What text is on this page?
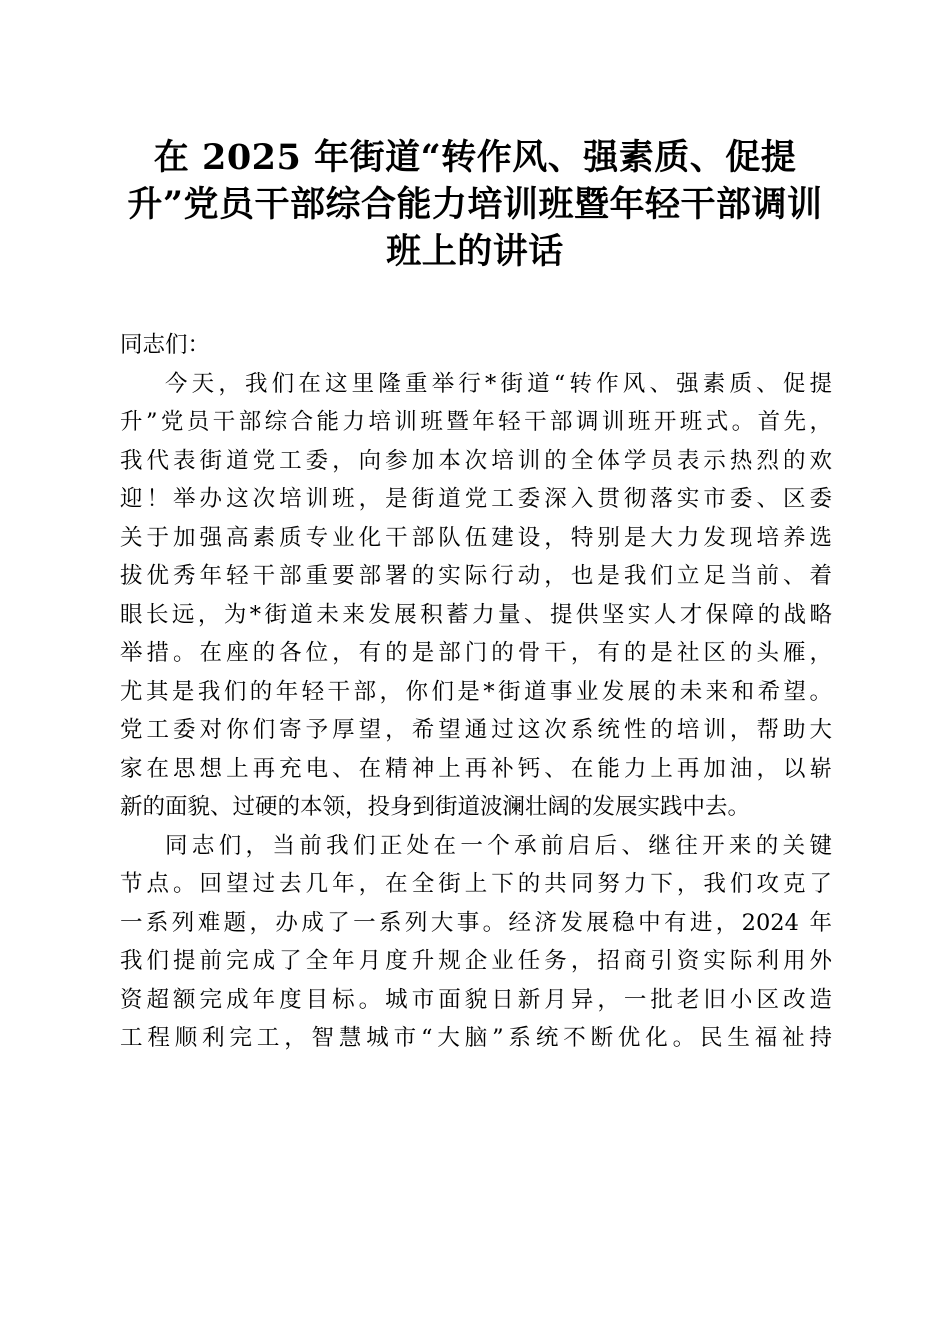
在 2025 年街道“转作风、强素质、促提
升”党员干部综合能力培训班暨年轻干部调训
班上的讲话
同志们：
今天，我们在这里隆重举行*街道“转作风、强素质、促提
升”党员干部综合能力培训班暨年轻干部调训班开班式。首先，
我代表街道党工委，向参加本次培训的全体学员表示热烈的欢
迎！举办这次培训班，是街道党工委深入贯彻落实市委、区委
关于加强高素质专业化干部队伍建设，特别是大力发现培养选
拔优秀年轻干部重要部署的实际行动，也是我们立足当前、着
眼长远，为*街道未来发展积蓄力量、提供坚实人才保障的战略
举措。在座的各位，有的是部门的骨干，有的是社区的头雁，
尤其是我们的年轻干部，你们是*街道事业发展的未来和希望。
党工委对你们寄予厚望，希望通过这次系统性的培训，帮助大
家在思想上再充电、在精神上再补钙、在能力上再加油，以崭
新的面貌、过硬的本领，投身到街道波澜壮阔的发展实践中去。
同志们，当前我们正处在一个承前启后、继往开来的关键
节点。回望过去几年，在全街上下的共同努力下，我们攻克了
一系列难题，办成了一系列大事。经济发展稳中有进，2024 年
我们提前完成了全年月度升规企业任务，招商引资实际利用外
资超额完成年度目标。城市面貌日新月异，一批老旧小区改造
工程顺利完工，智慧城市“大脑”系统不断优化。民生福祉持
